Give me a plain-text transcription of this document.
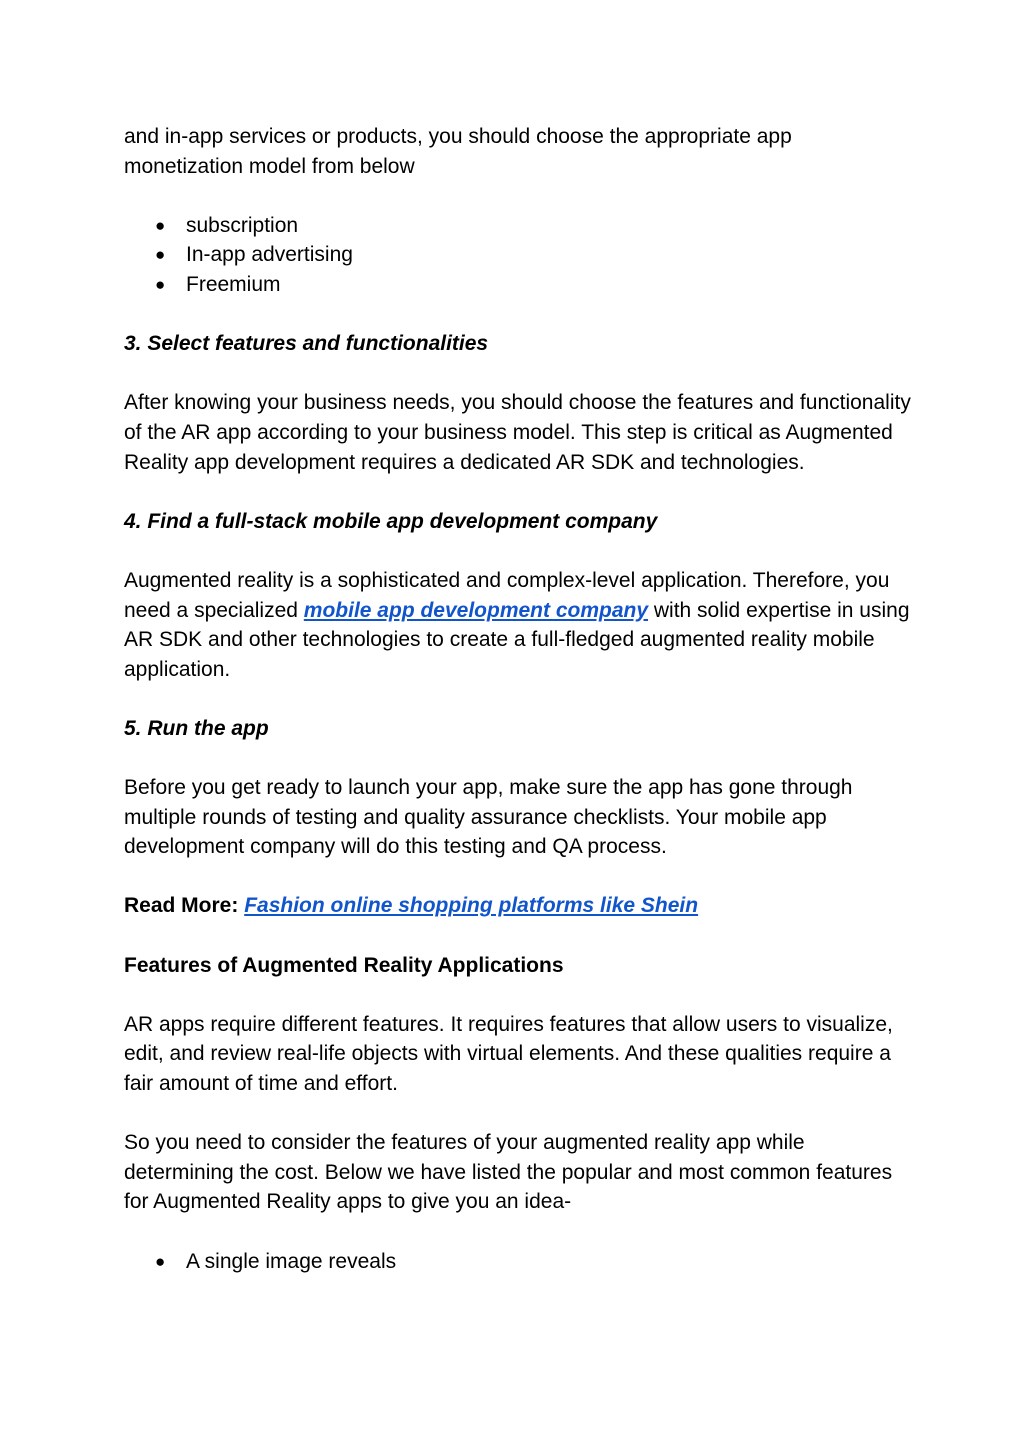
and in-app services or products, you should choose the appropriate app monetization model from below

● subscription
● In-app advertising
● Freemium

3. Select features and functionalities

After knowing your business needs, you should choose the features and functionality of the AR app according to your business model. This step is critical as Augmented Reality app development requires a dedicated AR SDK and technologies.

4. Find a full-stack mobile app development company

Augmented reality is a sophisticated and complex-level application. Therefore, you need a specialized mobile app development company with solid expertise in using AR SDK and other technologies to create a full-fledged augmented reality mobile application.

5. Run the app

Before you get ready to launch your app, make sure the app has gone through multiple rounds of testing and quality assurance checklists. Your mobile app development company will do this testing and QA process.

Read More: Fashion online shopping platforms like Shein

Features of Augmented Reality Applications

AR apps require different features. It requires features that allow users to visualize, edit, and review real-life objects with virtual elements. And these qualities require a fair amount of time and effort.

So you need to consider the features of your augmented reality app while determining the cost. Below we have listed the popular and most common features for Augmented Reality apps to give you an idea-

● A single image reveals
